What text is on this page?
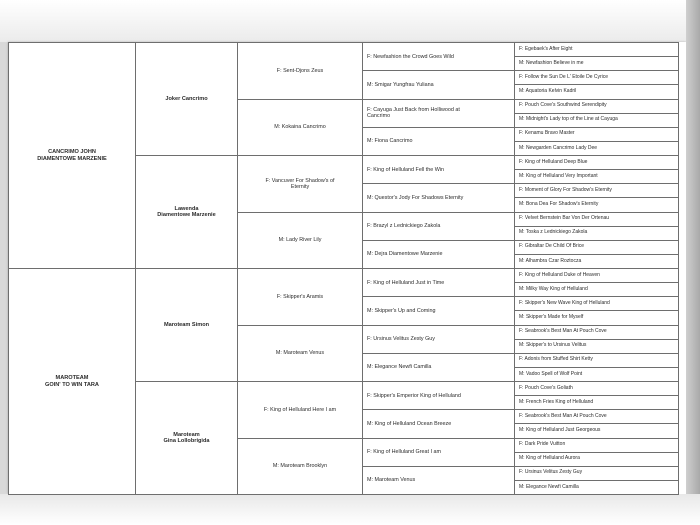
CANCRIMO JOHN
DIAMENTOWE MARZENIE	Joker Cancrimo	F: Sent-Djons Zeus	F: Newfashion the Crowd Goes Wild	F: Egebaek's After Eight
				M: Newfashion Believe in me
			M: Smigar Yungfrau Yuliana	F: Follow the Sun De L' Etoile De Cyrice
				M: Aquatoria Kelvin Kadril
		M: Kokaina Cancrimo	F: Cayuga Just Back from Holliwood at
Cancrimo	F: Pouch Cove's Southwind Serendipity
				M: Midnight's Lady top of the Line at Cayuga
			M: Fiona Cancrimo	F: Kenamu Bravo Master
				M: Newgarden Cancrimo Lady Dee
	Lawenda
Diamentowe Marzenie	F: Vancuver For Shadow's of
Eternity	F: King of Helluland Fell the Win	F: King of Helluland Deep Blue
				M: King of Helluland Very Important
			M: Questor's Jody For Shadows Eternity	F: Moment of Glory For Shadow's Eternity
				M: Bona Dea For Shadow's Eternity
		M: Lady River Lily	F: Brazyl z Lednickiego Zakola	F: Velvet Bernstein Bar Von Der Ortenau
				M: Toska z Lednickiego Zakola
			M: Dejra Diamentowe Marzenie	F: Gibraltar De Child Of Brice
				M: Alhambra Czar Roztocza
MAROTEAM
GOIN' TO WIN TARA	Maroteam Simon	F: Skipper's Aramis	F: King of Helluland Just in Time	F: King of Helluland Duke of Heaven
				M: Milky Way King of Helluland
			M: Skipper's Up and Coming	F: Skipper's New Wave King of Helluland
				M: Skipper's Made for Myself
		M: Maroteam Venus	F: Ursinus Velitus Zesty Guy	F: Seabrook's Best Man At Pouch Cove
				M: Skipper's to Ursinus Velitus
			M: Elegance Newfi Camilla	F: Adonis from Stuffed Shirt Ketty
				M: Vadoo Spell of Wolf Point
	Maroteam
Gina Lollobrigida	F: King of Helluland Here I am	F: Skipper's Emperior King of Helluland	F: Pouch Cove's Goliath
				M: French Fries King of Helluland
			M: King of Helluland Ocean Breeze	F: Seabrook's Best Man At Pouch Cove
				M: King of Helluland Just Georgeous
		M: Maroteam Brooklyn	F: King of Helluland Great I am	F: Dark Pride Vuitton
				M: King of Helluland Aurora
			M: Maroteam Venus	F: Ursinus Velitus Zesty Guy
				M: Elegance Newfi Camilla
